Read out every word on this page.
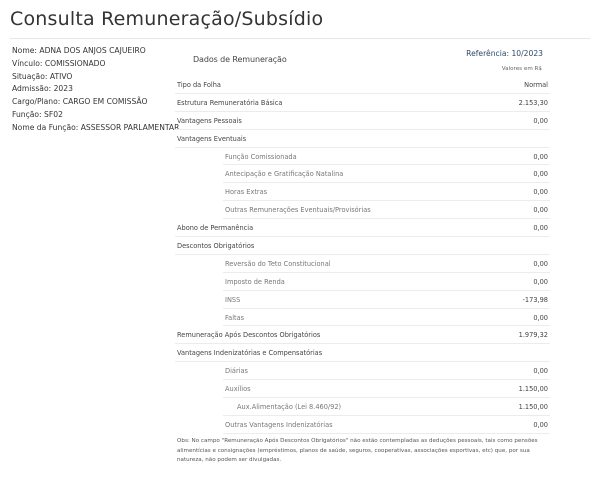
Consulta Remuneração/Subsídio
Nome: ADNA DOS ANJOS CAJUEIRO
Vínculo: COMISSIONADO
Situação: ATIVO
Admissão: 2023
Cargo/Plano: CARGO EM COMISSÃO
Função: SF02
Nome da Função: ASSESSOR PARLAMENTAR
Dados de Remuneração
Referência: 10/2023
Valores em R$
Tipo da Folha	Normal
Estrutura Remuneratória Básica	2.153,30
Vantagens Pessoais	0,00
Vantagens Eventuais
Função Comissionada	0,00
Antecipação e Gratificação Natalina	0,00
Horas Extras	0,00
Outras Remunerações Eventuais/Provisórias	0,00
Abono de Permanência	0,00
Descontos Obrigatórios
Reversão do Teto Constitucional	0,00
Imposto de Renda	0,00
INSS	-173,98
Faltas	0,00
Remuneração Após Descontos Obrigatórios	1.979,32
Vantagens Indenizatórias e Compensatórias
Diárias	0,00
Auxílios	1.150,00
Aux.Alimentação (Lei 8.460/92)	1.150,00
Outras Vantagens Indenizatórias	0,00
Obs: No campo "Remuneração Após Descontos Obrigatórios" não estão contempladas as deduções pessoais, tais como pensões alimentícias e consignações (empréstimos, planos de saúde, seguros, cooperativas, associações esportivas, etc) que, por sua natureza, não podem ser divulgadas.
